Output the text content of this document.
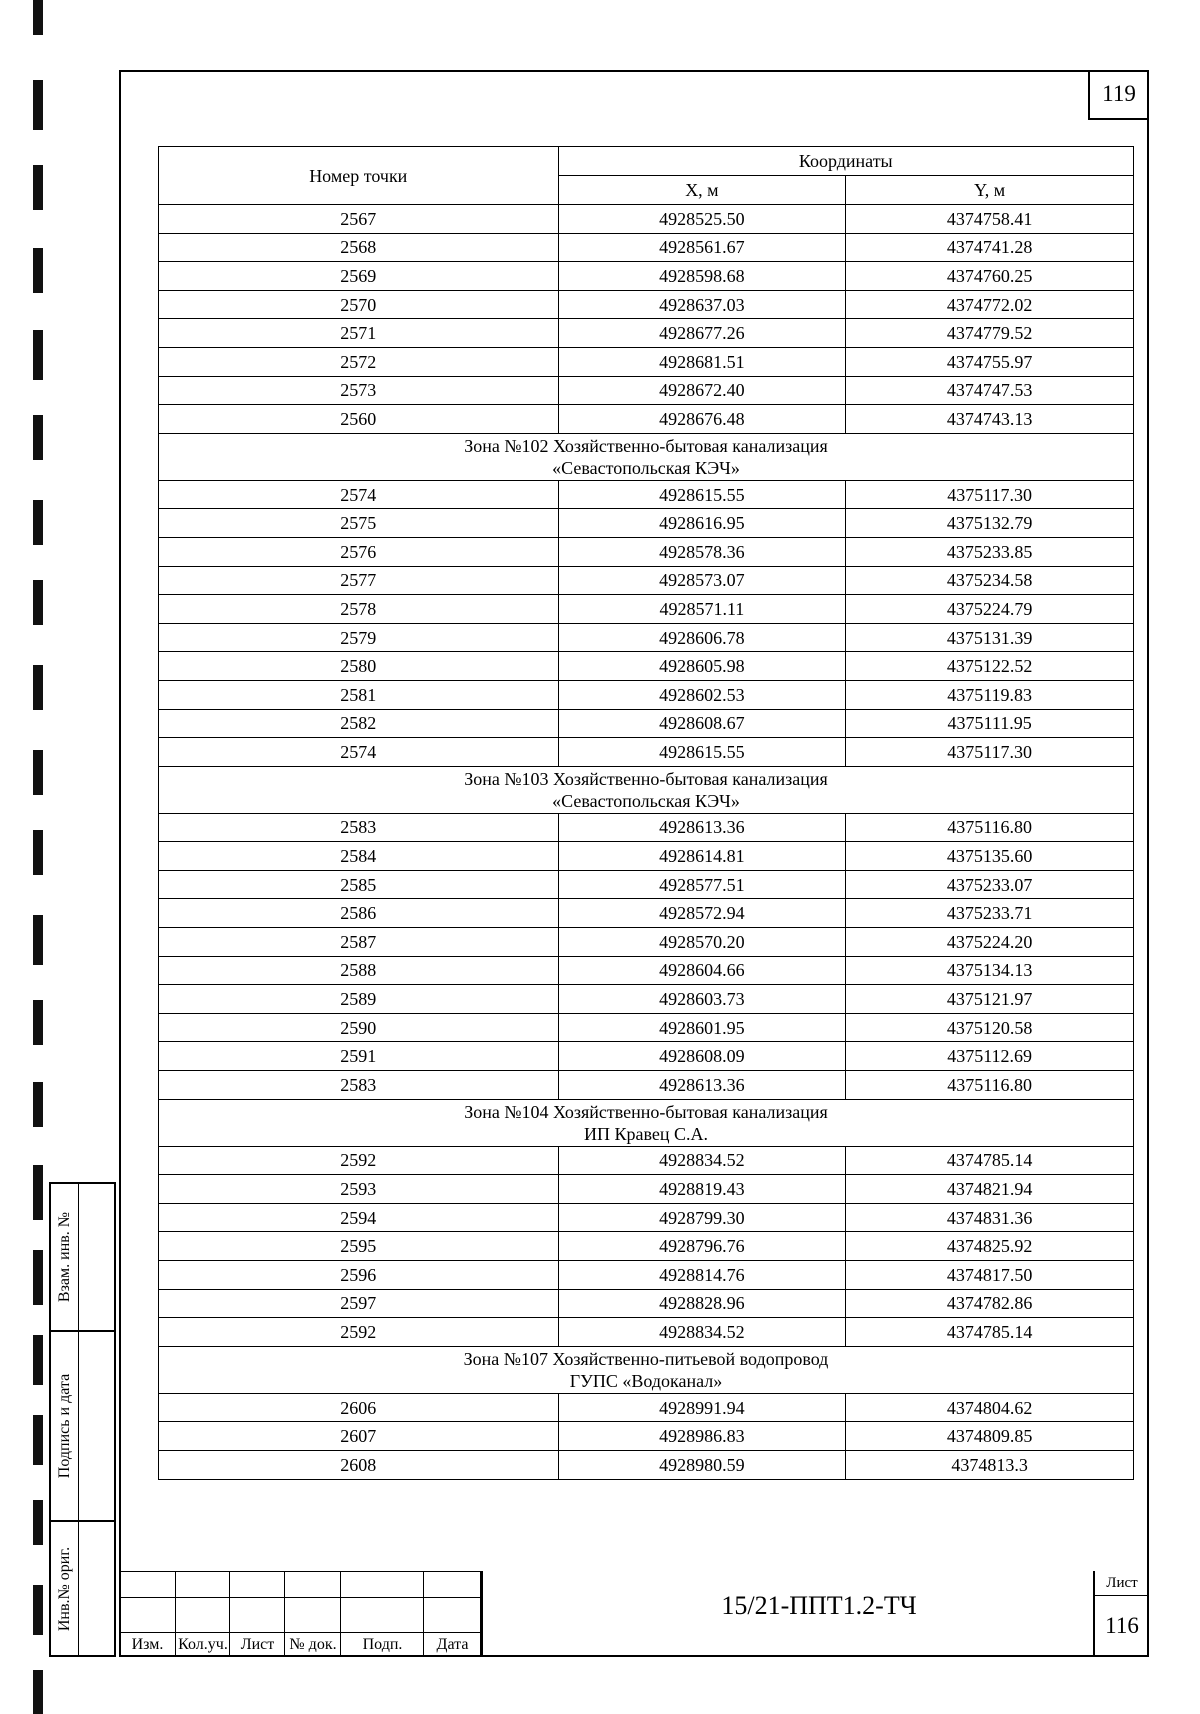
119
Номер точки	Координаты	
	X, м	Y, м
2567	4928525.50	4374758.41
2568	4928561.67	4374741.28
2569	4928598.68	4374760.25
2570	4928637.03	4374772.02
2571	4928677.26	4374779.52
2572	4928681.51	4374755.97
2573	4928672.40	4374747.53
2560	4928676.48	4374743.13

Зона №102 Хозяйственно-бытовая канализация
«Севастопольская КЭЧ»		

2574	4928615.55	4375117.30
2575	4928616.95	4375132.79
2576	4928578.36	4375233.85
2577	4928573.07	4375234.58
2578	4928571.11	4375224.79
2579	4928606.78	4375131.39
2580	4928605.98	4375122.52
2581	4928602.53	4375119.83
2582	4928608.67	4375111.95
2574	4928615.55	4375117.30

Зона №103 Хозяйственно-бытовая канализация
«Севастопольская КЭЧ»		

2583	4928613.36	4375116.80
2584	4928614.81	4375135.60
2585	4928577.51	4375233.07
2586	4928572.94	4375233.71
2587	4928570.20	4375224.20
2588	4928604.66	4375134.13
2589	4928603.73	4375121.97
2590	4928601.95	4375120.58
2591	4928608.09	4375112.69
2583	4928613.36	4375116.80

Зона №104 Хозяйственно-бытовая канализация
ИП Кравец С.А.		

2592	4928834.52	4374785.14
2593	4928819.43	4374821.94
2594	4928799.30	4374831.36
2595	4928796.76	4374825.92
2596	4928814.76	4374817.50
2597	4928828.96	4374782.86
2592	4928834.52	4374785.14

Зона №107 Хозяйственно-питьевой водопровод
ГУПС «Водоканал»		

2606	4928991.94	4374804.62
2607	4928986.83	4374809.85
2608	4928980.59	4374813.3
Взам. инв. №
Подпись и дата
Инв.№ ориг.
Изм. Кол.уч. Лист № док.	Подп.	Дата
15/21-ППТ1.2-ТЧ
Лист
116
